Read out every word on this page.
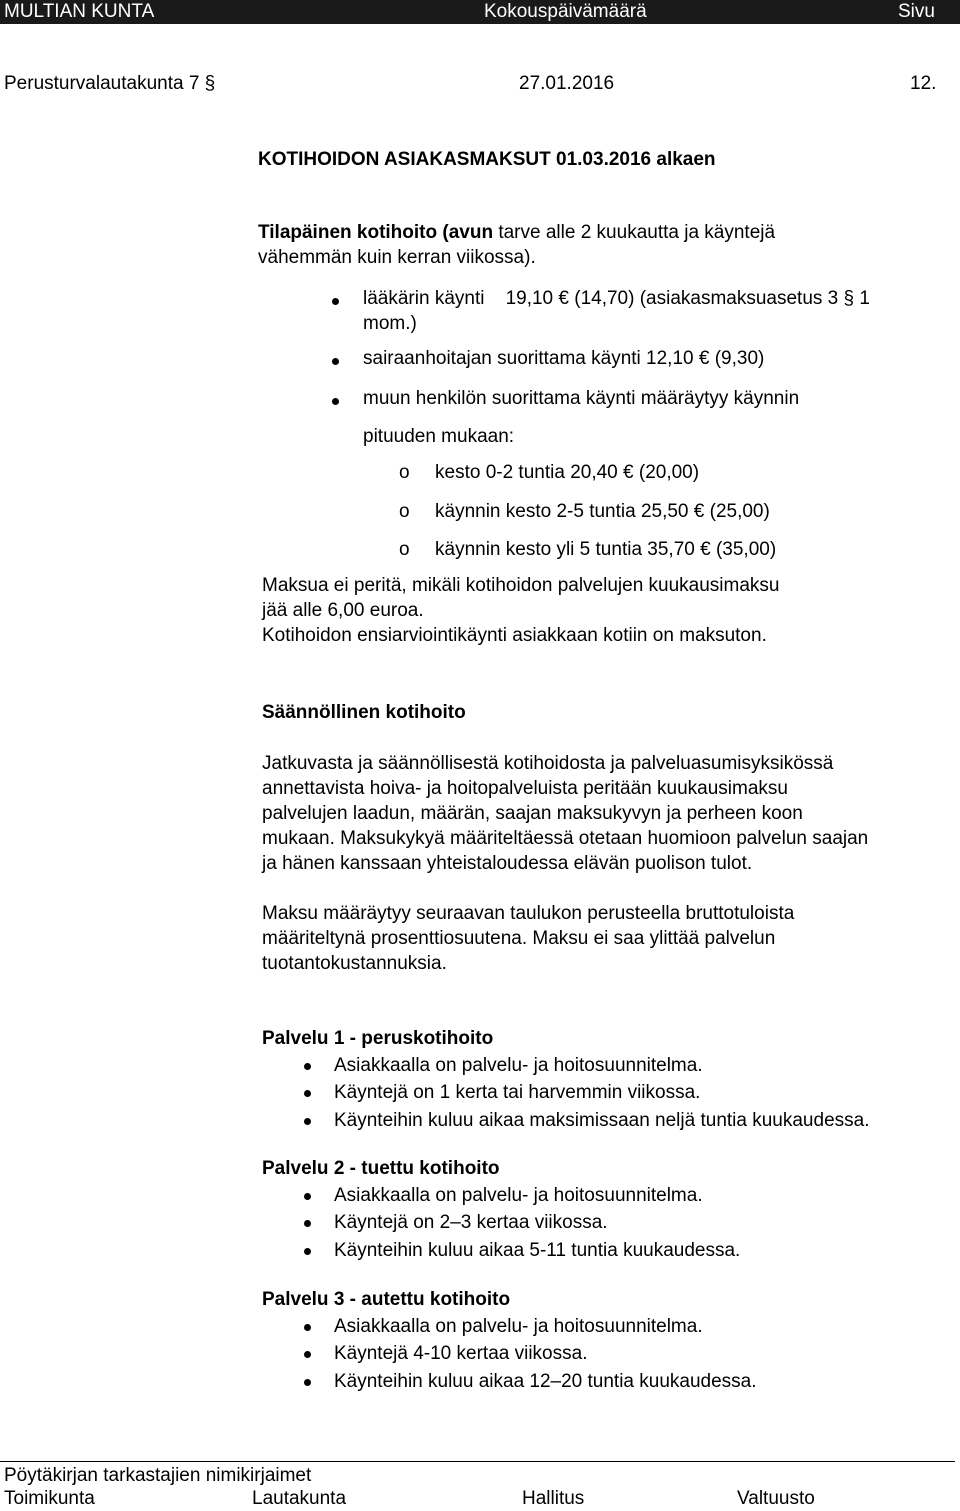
MULTIAN KUNTA	Kokouspäivämäärä	Sivu
Perusturvalautakunta 7 §	27.01.2016	12.
KOTIHOIDON ASIAKASMAKSUT 01.03.2016 alkaen
Tilapäinen kotihoito (avun tarve alle 2 kuukautta ja käyntejä
vähemmän kuin kerran viikossa).
lääkärin käynti    19,10 € (14,70) (asiakasmaksuasetus 3 § 1
mom.)
sairaanhoitajan suorittama käynti 12,10 € (9,30)
muun henkilön suorittama käynti määräytyy käynnin
pituuden mukaan:
o kesto 0-2 tuntia 20,40 € (20,00)
o käynnin kesto 2-5 tuntia 25,50 € (25,00)
o käynnin kesto yli 5 tuntia 35,70 € (35,00)
Maksua ei peritä, mikäli kotihoidon palvelujen kuukausimaksu
jää alle 6,00 euroa.
Kotihoidon ensiarviointikäynti asiakkaan kotiin on maksuton.
Säännöllinen kotihoito
Jatkuvasta ja säännöllisestä kotihoidosta ja palveluasumisyksikössä
annettavista hoiva- ja hoitopalveluista peritään kuukausimaksu
palvelujen laadun, määrän, saajan maksukyvyn ja perheen koon
mukaan. Maksukykyä määriteltäessä otetaan huomioon palvelun saajan
ja hänen kanssaan yhteistaloudessa elävän puolison tulot.
Maksu määräytyy seuraavan taulukon perusteella bruttotuloista
määriteltynä prosenttiosuutena. Maksu ei saa ylittää palvelun
tuotantokustannuksia.
Palvelu 1 - peruskotihoito
Asiakkaalla on palvelu- ja hoitosuunnitelma.
Käyntejä on 1 kerta tai harvemmin viikossa.
Käynteihin kuluu aikaa maksimissaan neljä tuntia kuukaudessa.
Palvelu 2 - tuettu kotihoito
Asiakkaalla on palvelu- ja hoitosuunnitelma.
Käyntejä on 2–3 kertaa viikossa.
Käynteihin kuluu aikaa 5-11 tuntia kuukaudessa.
Palvelu 3 - autettu kotihoito
Asiakkaalla on palvelu- ja hoitosuunnitelma.
Käyntejä 4-10 kertaa viikossa.
Käynteihin kuluu aikaa 12–20 tuntia kuukaudessa.
Pöytäkirjan tarkastajien nimikirjaimet
Toimikunta	Lautakunta	Hallitus	Valtuusto
